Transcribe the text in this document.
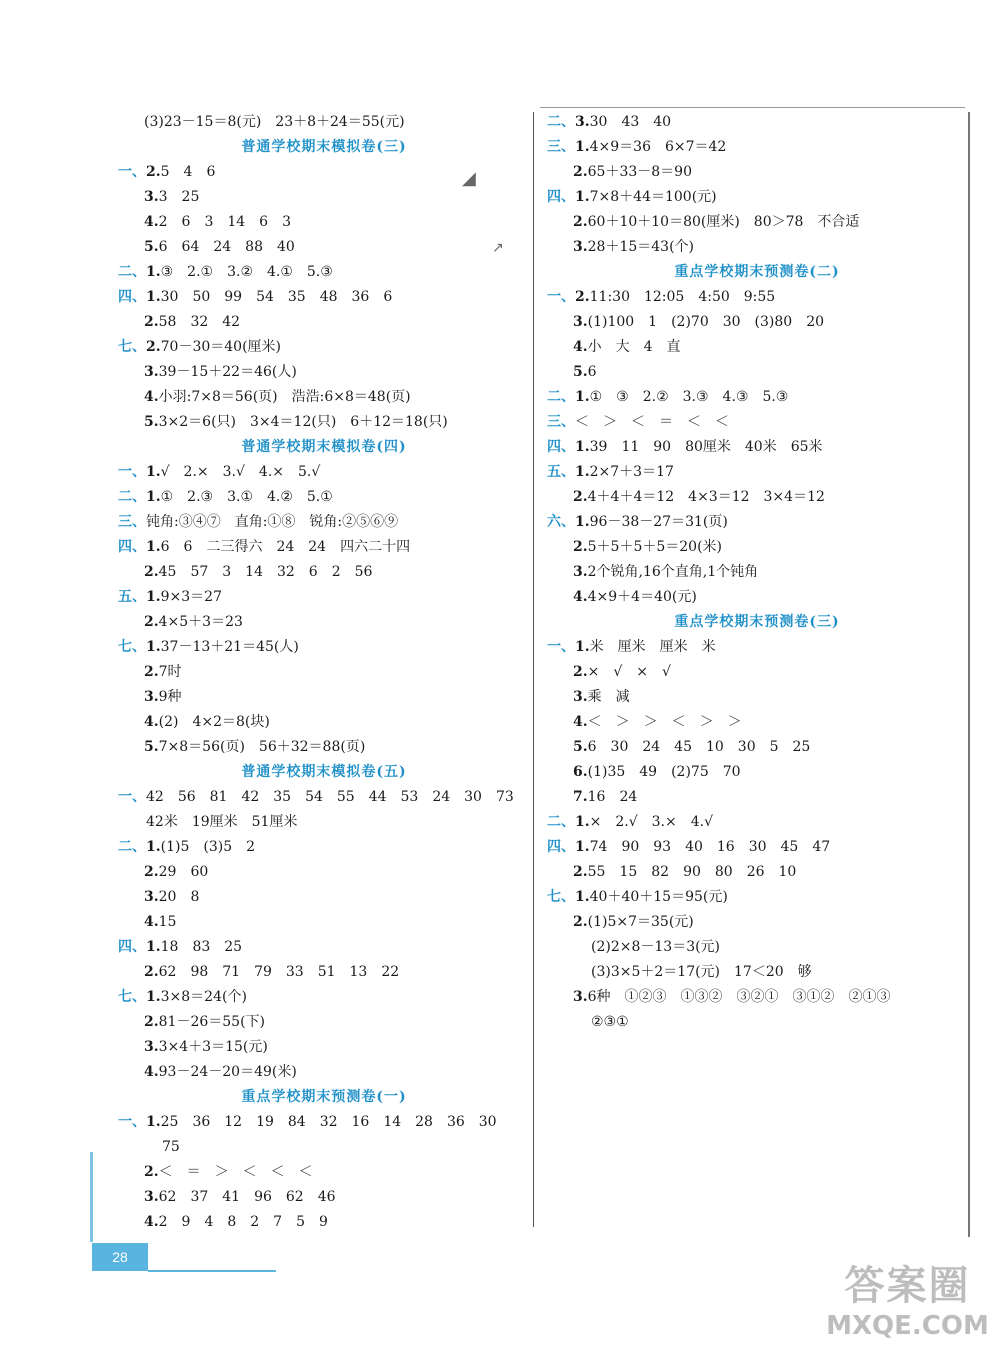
(3)23－15＝8(元)　23＋8＋24＝55(元)
普通学校期末模拟卷(三)
一、2.5　4　6
3.3　25
4.2　6　3　14　6　3
5.6　64　24　88　40
二、1.③　2.①　3.②　4.①　5.③
四、1.30　50　99　54　35　48　36　6
2.58　32　42
七、2.70－30＝40(厘米)
3.39－15＋22＝46(人)
4.小羽:7×8＝56(页)　浩浩:6×8＝48(页)
5.3×2＝6(只)　3×4＝12(只)　6＋12＝18(只)
普通学校期末模拟卷(四)
一、1.√　2.×　3.√　4.×　5.√
二、1.①　2.③　3.①　4.②　5.①
三、钝角:③④⑦　直角:①⑧　锐角:②⑤⑥⑨
四、1.6　6　二三得六　24　24　四六二十四
2.45　57　3　14　32　6　2　56
五、1.9×3＝27
2.4×5＋3＝23
七、1.37－13＋21＝45(人)
2.7时
3.9种
4.(2)　4×2＝8(块)
5.7×8＝56(页)　56＋32＝88(页)
普通学校期末模拟卷(五)
一、42　56　81　42　35　54　55　44　53　24　30　73
42米　19厘米　51厘米
二、1.(1)5　(3)5　2
2.29　60
3.20　8
4.15
四、1.18　83　25
2.62　98　71　79　33　51　13　22
七、1.3×8＝24(个)
2.81－26＝55(下)
3.3×4＋3＝15(元)
4.93－24－20＝49(米)
重点学校期末预测卷(一)
一、1.25　36　12　19　84　32　16　14　28　36　30
75
2.＜　＝　＞　＜　＜　＜
3.62　37　41　96　62　46
4.2　9　4　8　2　7　5　9
二、3.30　43　40
三、1.4×9＝36　6×7＝42
2.65＋33－8＝90
四、1.7×8＋44＝100(元)
2.60＋10＋10＝80(厘米)　80＞78　不合适
3.28＋15＝43(个)
重点学校期末预测卷(二)
一、2.11:30　12:05　4:50　9:55
3.(1)100　1　(2)70　30　(3)80　20
4.小　大　4　直
5.6
二、1.①　③　2.②　3.③　4.③　5.③
三、＜　＞　＜　＝　＜　＜
四、1.39　11　90　80厘米　40米　65米
五、1.2×7＋3＝17
2.4＋4＋4＝12　4×3＝12　3×4＝12
六、1.96－38－27＝31(页)
2.5＋5＋5＋5＝20(米)
3.2个锐角,16个直角,1个钝角
4.4×9＋4＝40(元)
重点学校期末预测卷(三)
一、1.米　厘米　厘米　米
2.×　√　×　√
3.乘　减
4.＜　＞　＞　＜　＞　＞
5.6　30　24　45　10　30　5　25
6.(1)35　49　(2)75　70
7.16　24
二、1.×　2.√　3.×　4.√
四、1.74　90　93　40　16　30　45　47
2.55　15　82　90　80　26　10
七、1.40＋40＋15＝95(元)
2.(1)5×7＝35(元)
(2)2×8－13＝3(元)
(3)3×5＋2＝17(元)　17＜20　够
3.6种　①②③　①③②　③②①　③①②　②①③
②③①
◢
↗
28
答案圈
MXQE.COM
